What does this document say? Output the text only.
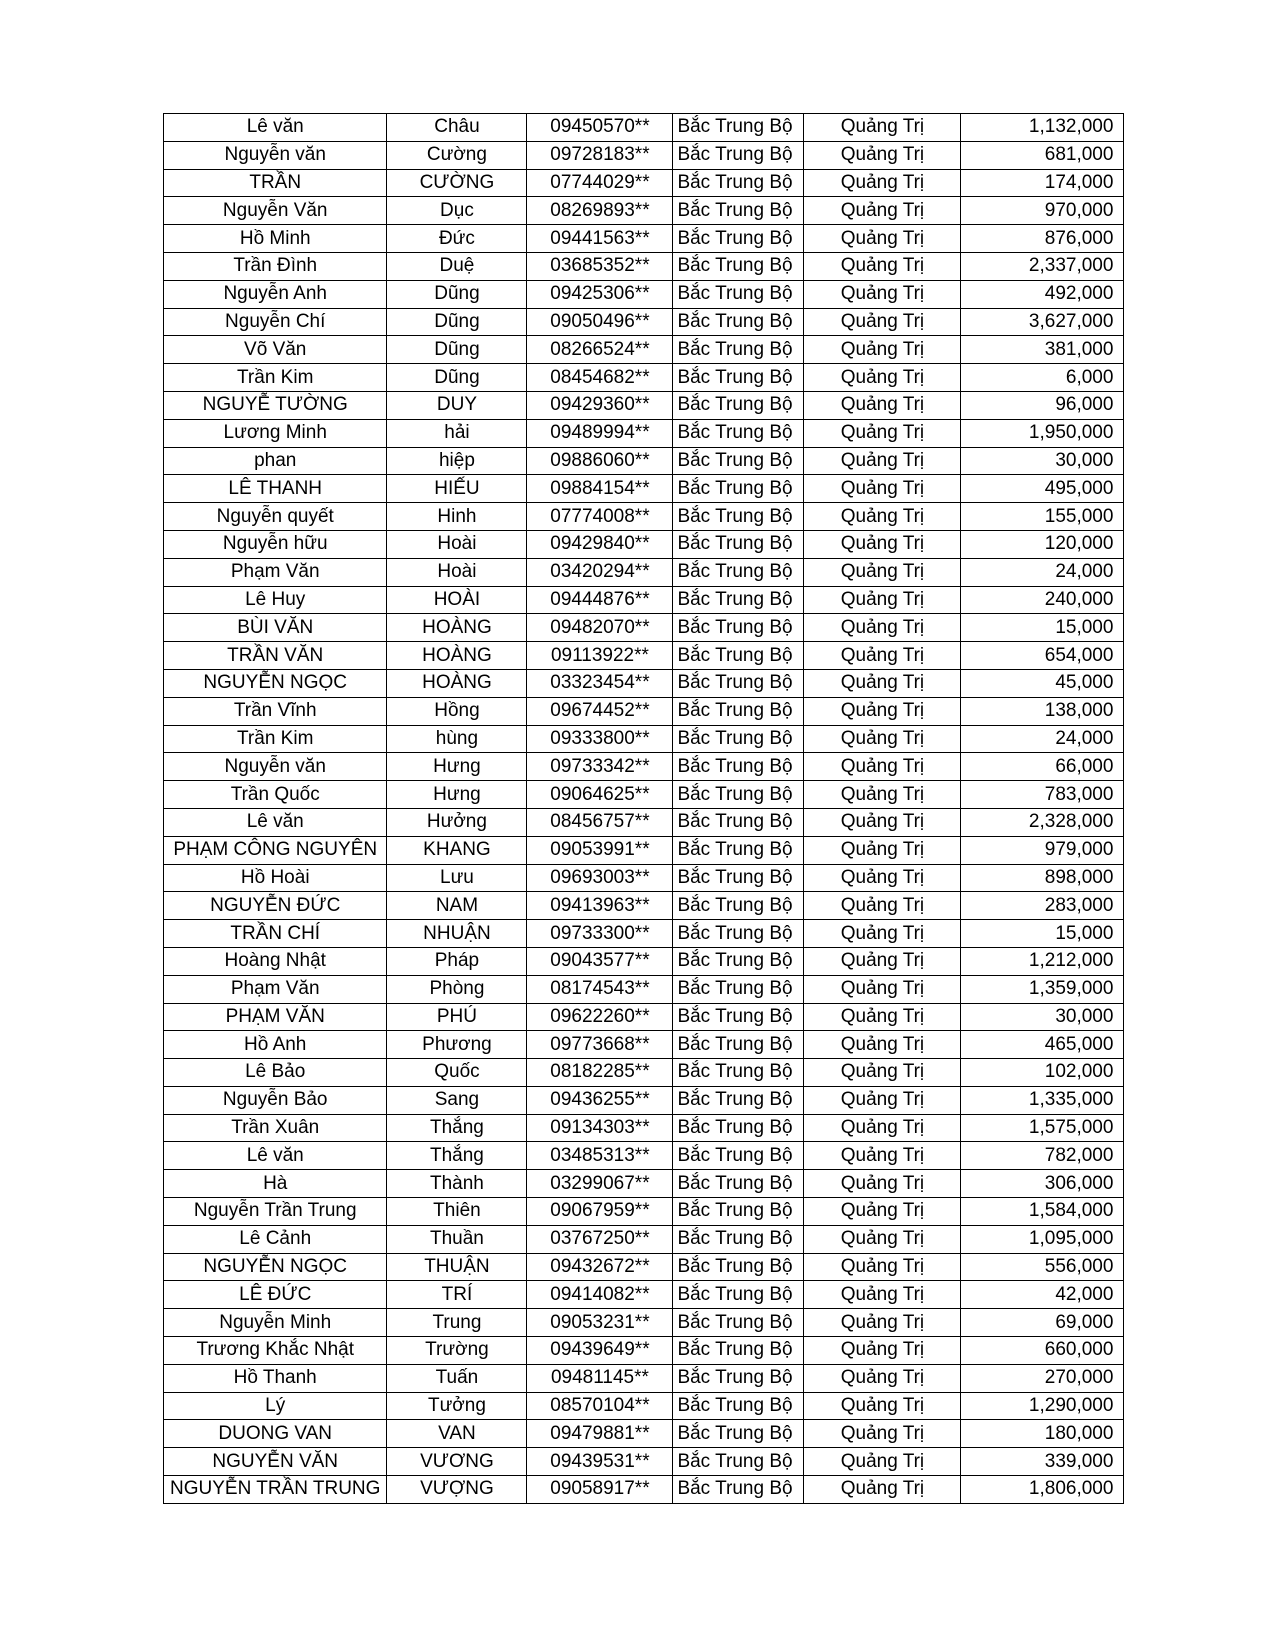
Lê văn	Châu	09450570**	Bắc Trung Bộ	Quảng Trị	1,132,000
Nguyễn văn	Cường	09728183**	Bắc Trung Bộ	Quảng Trị	681,000
TRẦN	CƯỜNG	07744029**	Bắc Trung Bộ	Quảng Trị	174,000
Nguyễn Văn	Dục	08269893**	Bắc Trung Bộ	Quảng Trị	970,000
Hồ Minh	Đức	09441563**	Bắc Trung Bộ	Quảng Trị	876,000
Trần Đình	Duệ	03685352**	Bắc Trung Bộ	Quảng Trị	2,337,000
Nguyễn Anh	Dũng	09425306**	Bắc Trung Bộ	Quảng Trị	492,000
Nguyễn Chí	Dũng	09050496**	Bắc Trung Bộ	Quảng Trị	3,627,000
Võ Văn	Dũng	08266524**	Bắc Trung Bộ	Quảng Trị	381,000
Trần Kim	Dũng	08454682**	Bắc Trung Bộ	Quảng Trị	6,000
NGUYỄ TƯỜNG	DUY	09429360**	Bắc Trung Bộ	Quảng Trị	96,000
Lương Minh	hải	09489994**	Bắc Trung Bộ	Quảng Trị	1,950,000
phan	hiệp	09886060**	Bắc Trung Bộ	Quảng Trị	30,000
LÊ THANH	HIẾU	09884154**	Bắc Trung Bộ	Quảng Trị	495,000
Nguyễn quyết	Hinh	07774008**	Bắc Trung Bộ	Quảng Trị	155,000
Nguyễn hữu	Hoài	09429840**	Bắc Trung Bộ	Quảng Trị	120,000
Phạm Văn	Hoài	03420294**	Bắc Trung Bộ	Quảng Trị	24,000
Lê Huy	HOÀI	09444876**	Bắc Trung Bộ	Quảng Trị	240,000
BÙI VĂN	HOÀNG	09482070**	Bắc Trung Bộ	Quảng Trị	15,000
TRẦN VĂN	HOÀNG	09113922**	Bắc Trung Bộ	Quảng Trị	654,000
NGUYỄN NGỌC	HOÀNG	03323454**	Bắc Trung Bộ	Quảng Trị	45,000
Trần Vĩnh	Hồng	09674452**	Bắc Trung Bộ	Quảng Trị	138,000
Trần Kim	hùng	09333800**	Bắc Trung Bộ	Quảng Trị	24,000
Nguyễn văn	Hưng	09733342**	Bắc Trung Bộ	Quảng Trị	66,000
Trần Quốc	Hưng	09064625**	Bắc Trung Bộ	Quảng Trị	783,000
Lê văn	Hưởng	08456757**	Bắc Trung Bộ	Quảng Trị	2,328,000
PHẠM CÔNG NGUYÊN	KHANG	09053991**	Bắc Trung Bộ	Quảng Trị	979,000
Hồ Hoài	Lưu	09693003**	Bắc Trung Bộ	Quảng Trị	898,000
NGUYỄN ĐỨC	NAM	09413963**	Bắc Trung Bộ	Quảng Trị	283,000
TRẦN CHÍ	NHUẬN	09733300**	Bắc Trung Bộ	Quảng Trị	15,000
Hoàng Nhật	Pháp	09043577**	Bắc Trung Bộ	Quảng Trị	1,212,000
Phạm Văn	Phòng	08174543**	Bắc Trung Bộ	Quảng Trị	1,359,000
PHẠM VĂN	PHÚ	09622260**	Bắc Trung Bộ	Quảng Trị	30,000
Hồ Anh	Phương	09773668**	Bắc Trung Bộ	Quảng Trị	465,000
Lê Bảo	Quốc	08182285**	Bắc Trung Bộ	Quảng Trị	102,000
Nguyễn Bảo	Sang	09436255**	Bắc Trung Bộ	Quảng Trị	1,335,000
Trần Xuân	Thắng	09134303**	Bắc Trung Bộ	Quảng Trị	1,575,000
Lê văn	Thắng	03485313**	Bắc Trung Bộ	Quảng Trị	782,000
Hà	Thành	03299067**	Bắc Trung Bộ	Quảng Trị	306,000
Nguyễn Trần Trung	Thiên	09067959**	Bắc Trung Bộ	Quảng Trị	1,584,000
Lê Cảnh	Thuần	03767250**	Bắc Trung Bộ	Quảng Trị	1,095,000
NGUYỄN NGỌC	THUẬN	09432672**	Bắc Trung Bộ	Quảng Trị	556,000
LÊ ĐỨC	TRÍ	09414082**	Bắc Trung Bộ	Quảng Trị	42,000
Nguyễn Minh	Trung	09053231**	Bắc Trung Bộ	Quảng Trị	69,000
Trương Khắc Nhật	Trường	09439649**	Bắc Trung Bộ	Quảng Trị	660,000
Hồ Thanh	Tuấn	09481145**	Bắc Trung Bộ	Quảng Trị	270,000
Lý	Tưởng	08570104**	Bắc Trung Bộ	Quảng Trị	1,290,000
DUONG VAN	VAN	09479881**	Bắc Trung Bộ	Quảng Trị	180,000
NGUYỄN VĂN	VƯƠNG	09439531**	Bắc Trung Bộ	Quảng Trị	339,000
NGUYỄN TRẦN TRUNG	VƯỢNG	09058917**	Bắc Trung Bộ	Quảng Trị	1,806,000
